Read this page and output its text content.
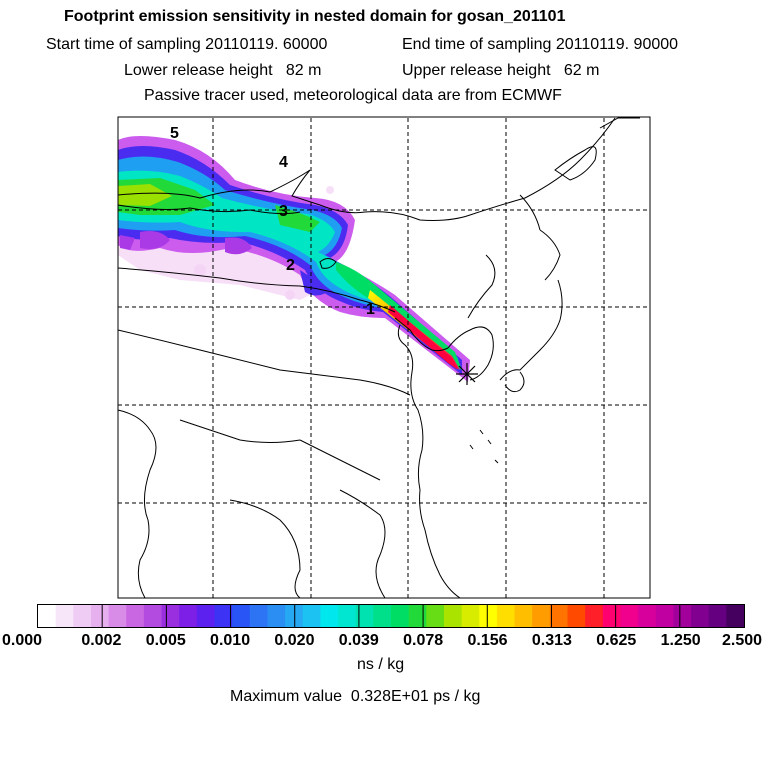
Footprint emission sensitivity in nested domain for gosan_201101
Start time of sampling 20110119. 60000	End time of sampling 20110119. 90000
Lower release height   82 m	Upper release height   62 m
Passive tracer used, meteorological data are from ECMWF
1
2
3
4
5
0.000 0.002 0.005 0.010 0.020 0.039 0.078 0.156 0.313 0.625 1.250 2.500
ns / kg
Maximum value  0.328E+01 ps / kg
